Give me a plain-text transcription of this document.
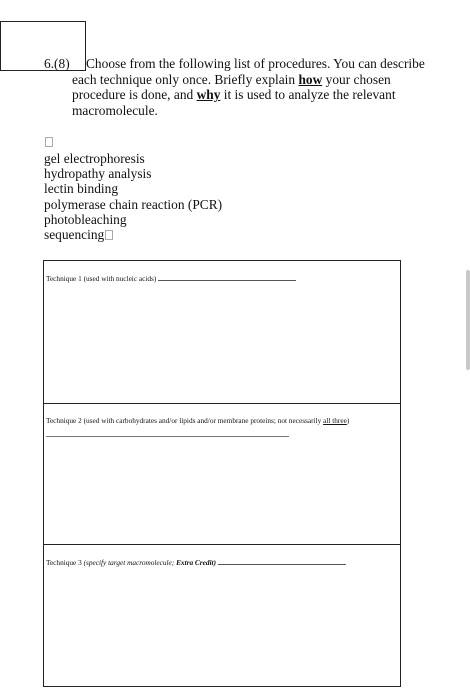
6.(8) Choose from the following list of procedures. You can describe
each technique only once. Briefly explain how your chosen
procedure is done, and why it is used to analyze the relevant
macromolecule.
gel electrophoresis
hydropathy analysis
lectin binding
polymerase chain reaction (PCR)
photobleaching
sequencing
Technique 1 (used with nucleic acids)
Technique 2 (used with carbohydrates and/or lipids and/or membrane proteins; not necessarily all three)
Technique 3 (specify target macromolecule; Extra Credit)
